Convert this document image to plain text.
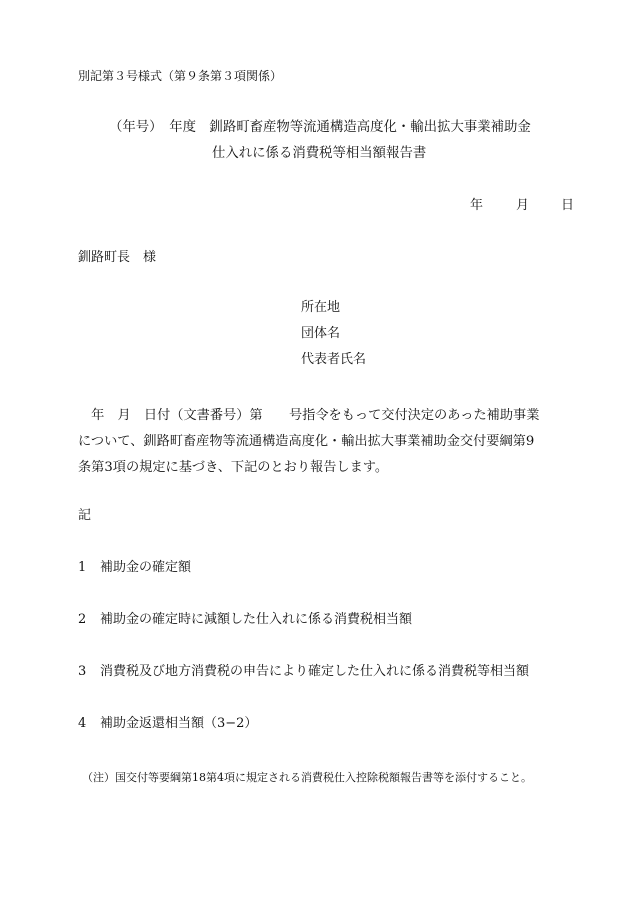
別記第３号様式（第９条第３項関係）
（年号）　年度　釧路町畜産物等流通構造高度化・輸出拡大事業補助金
仕入れに係る消費税等相当額報告書
年	月 日
釧路町長　様
所在地
団体名
代表者氏名
　年　月　日付（文書番号）第　　号指令をもって交付決定のあった補助事業
について、釧路町畜産物等流通構造高度化・輸出拡大事業補助金交付要綱第9
条第3項の規定に基づき、下記のとおり報告します。
記
1 補助金の確定額
2 補助金の確定時に減額した仕入れに係る消費税相当額
3 消費税及び地方消費税の申告により確定した仕入れに係る消費税等相当額
4 補助金返還相当額（3−2）
（注）国交付等要綱第18第4項に規定される消費税仕入控除税額報告書等を添付すること。
